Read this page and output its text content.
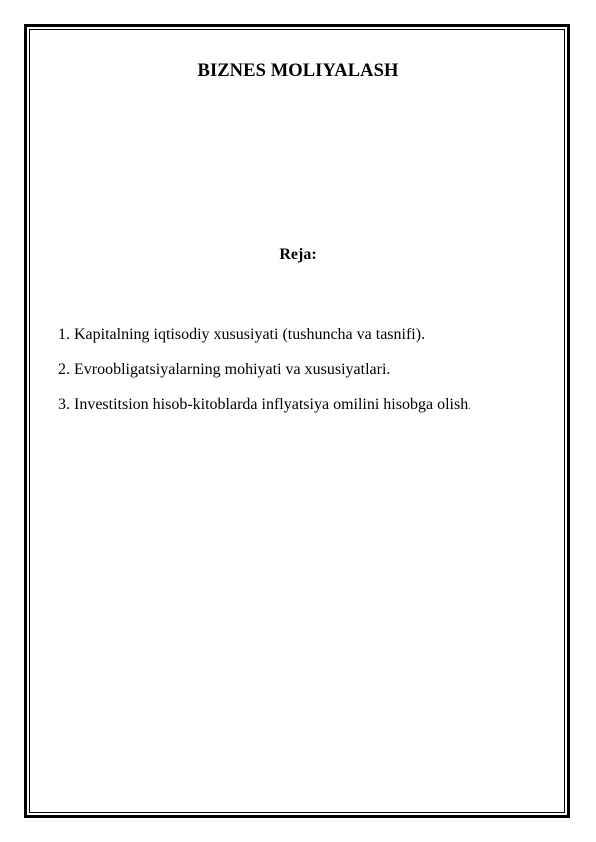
BIZNES MOLIYALASH
Reja:
1. Kapitalning iqtisodiy xususiyati (tushuncha va tasnifi).
2. Evroobligatsiyalarning mohiyati va xususiyatlari.
3. Investitsion hisob-kitoblarda inflyatsiya omilini hisobga olish.
